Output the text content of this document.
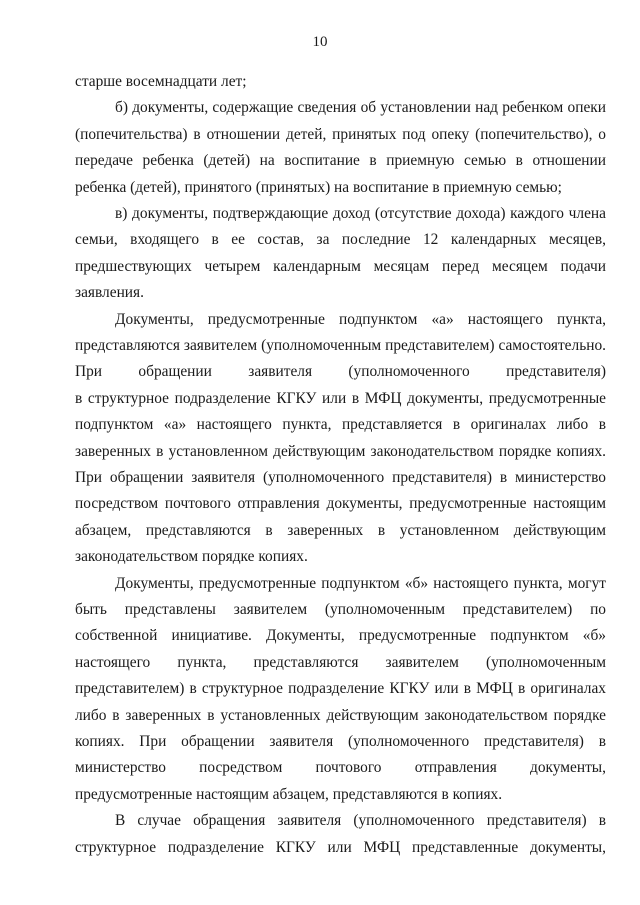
10
старше восемнадцати лет;
б) документы, содержащие сведения об установлении над ребенком опеки
(попечительства) в отношении детей, принятых под опеку (попечительство), о
передаче ребенка (детей) на воспитание в приемную семью в отношении
ребенка (детей), принятого (принятых) на воспитание в приемную семью;
в) документы, подтверждающие доход (отсутствие дохода) каждого члена
семьи, входящего в ее состав, за последние 12 календарных месяцев,
предшествующих четырем календарным месяцам перед месяцем подачи
заявления.
Документы, предусмотренные подпунктом «а» настоящего пункта,
представляются заявителем (уполномоченным представителем) самостоятельно.
При обращении заявителя (уполномоченного представителя)
в структурное подразделение КГКУ или в МФЦ документы, предусмотренные
подпунктом «а» настоящего пункта, представляется в оригиналах либо в
заверенных в установленном действующим законодательством порядке копиях.
При обращении заявителя (уполномоченного представителя) в министерство
посредством почтового отправления документы, предусмотренные настоящим
абзацем, представляются в заверенных в установленном действующим
законодательством порядке копиях.
Документы, предусмотренные подпунктом «б» настоящего пункта, могут
быть представлены заявителем (уполномоченным представителем) по
собственной инициативе. Документы, предусмотренные подпунктом «б»
настоящего пункта, представляются заявителем (уполномоченным
представителем) в структурное подразделение КГКУ или в МФЦ в оригиналах
либо в заверенных в установленных действующим законодательством порядке
копиях. При обращении заявителя (уполномоченного представителя) в
министерство посредством почтового отправления документы,
предусмотренные настоящим абзацем, представляются в копиях.
В случае обращения заявителя (уполномоченного представителя) в
структурное подразделение КГКУ или МФЦ представленные документы,
